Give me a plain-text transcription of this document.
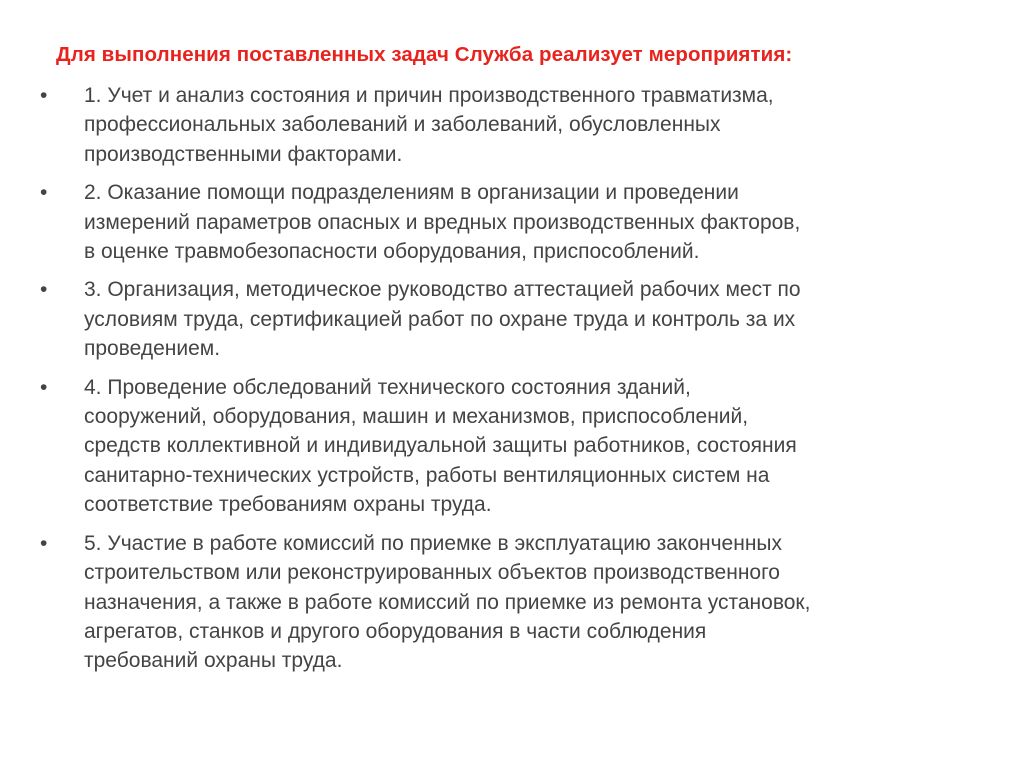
Для выполнения поставленных задач Служба реализует мероприятия:

•	1. Учет и анализ состояния и причин производственного травматизма,
профессиональных заболеваний и заболеваний, обусловленных
производственными факторами.
•	2. Оказание помощи подразделениям в организации и проведении
измерений параметров опасных и вредных производственных факторов,
в оценке травмобезопасности оборудования, приспособлений.
•	3. Организация, методическое руководство аттестацией рабочих мест по
условиям труда, сертификацией работ по охране труда и контроль за их
проведением.
•	4. Проведение обследований технического состояния зданий,
сооружений, оборудования, машин и механизмов, приспособлений,
средств коллективной и индивидуальной защиты работников, состояния
санитарно-технических устройств, работы вентиляционных систем на
соответствие требованиям охраны труда.
•	5. Участие в работе комиссий по приемке в эксплуатацию законченных
строительством или реконструированных объектов производственного
назначения, а также в работе комиссий по приемке из ремонта установок,
агрегатов, станков и другого оборудования в части соблюдения
требований охраны труда.
